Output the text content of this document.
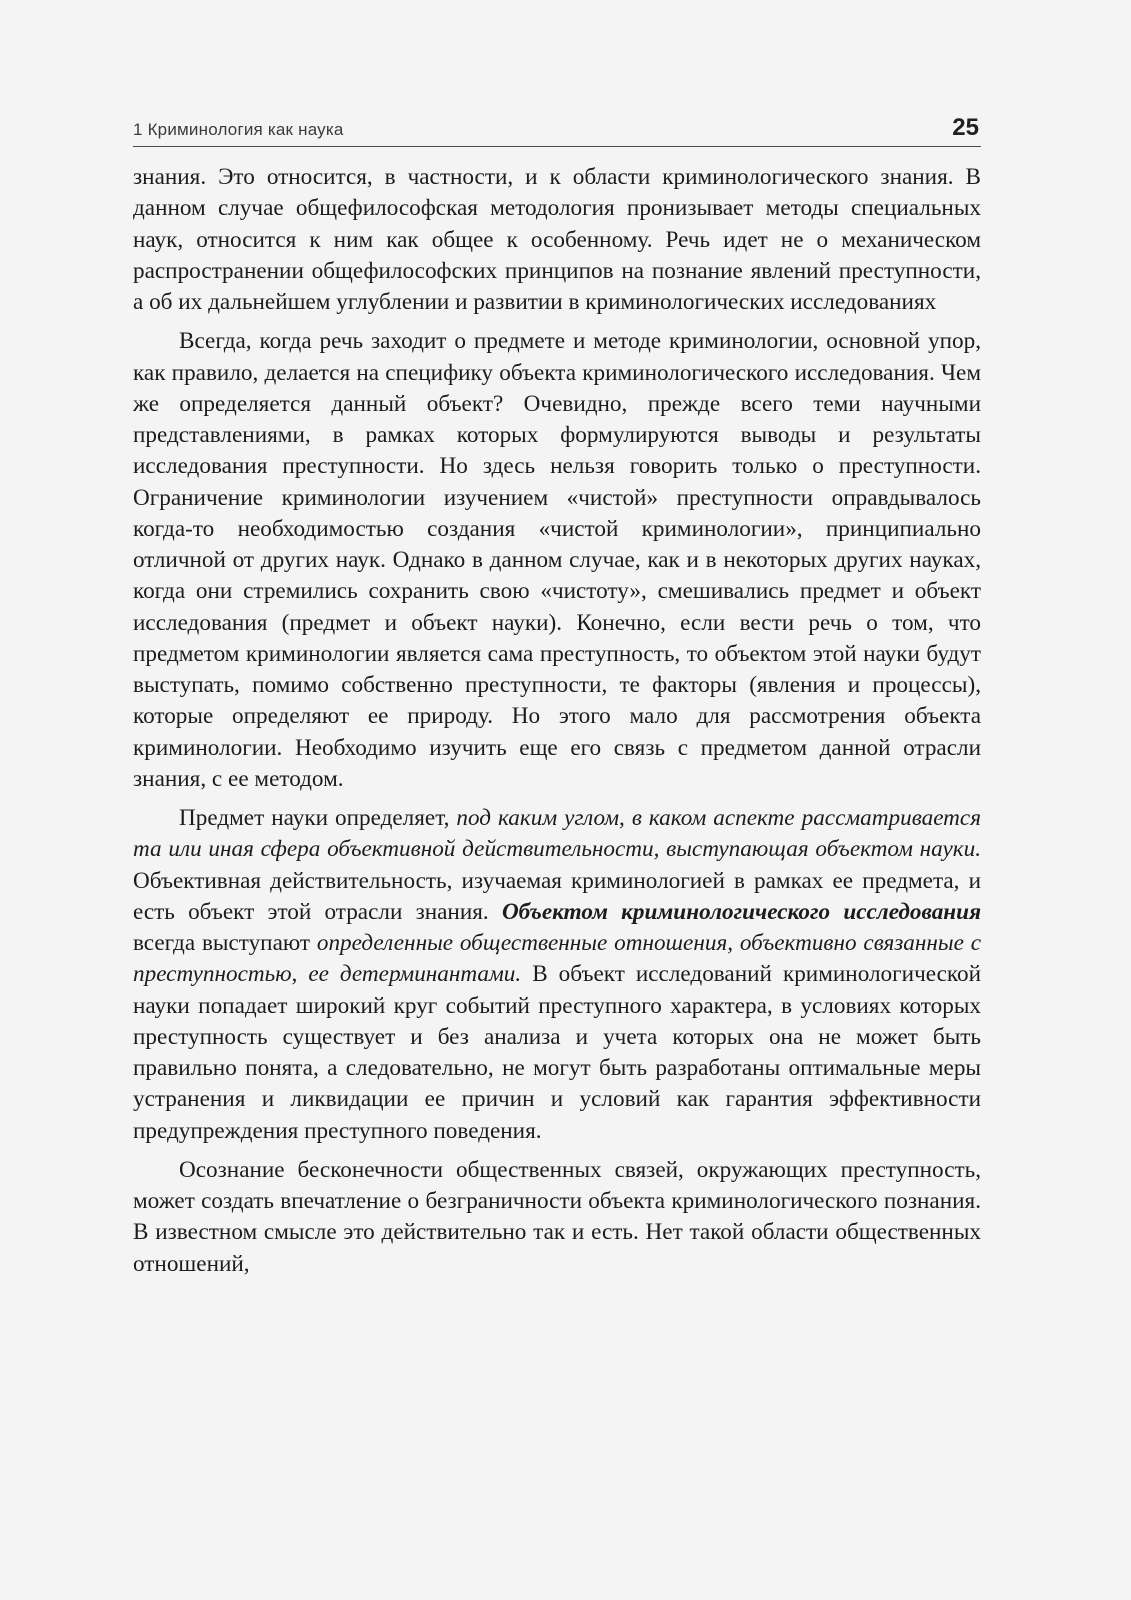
1 Криминология как наука	25

знания. Это относится, в частности, и к области криминологического знания. В данном случае общефилософская методология пронизывает методы специальных наук, относится к ним как общее к особенному. Речь идет не о механическом распространении общефилософских принципов на познание явлений преступности, а об их дальнейшем углублении и развитии в криминологических исследованиях

Всегда, когда речь заходит о предмете и методе криминологии, основной упор, как правило, делается на специфику объекта криминологического исследования. Чем же определяется данный объект? Очевидно, прежде всего теми научными представлениями, в рамках которых формулируются выводы и результаты исследования преступности. Но здесь нельзя говорить только о преступности. Ограничение криминологии изучением «чистой» преступности оправдывалось когда-то необходимостью создания «чистой криминологии», принципиально отличной от других наук. Однако в данном случае, как и в некоторых других науках, когда они стремились сохранить свою «чистоту», смешивались предмет и объект исследования (предмет и объект науки). Конечно, если вести речь о том, что предметом криминологии является сама преступность, то объектом этой науки будут выступать, помимо собственно преступности, те факторы (явления и процессы), которые определяют ее природу. Но этого мало для рассмотрения объекта криминологии. Необходимо изучить еще его связь с предметом данной отрасли знания, с ее методом.

Предмет науки определяет, под каким углом, в каком аспекте рассматривается та или иная сфера объективной действительности, выступающая объектом науки. Объективная действительность, изучаемая криминологией в рамках ее предмета, и есть объект этой отрасли знания. Объектом криминологического исследования всегда выступают определенные общественные отношения, объективно связанные с преступностью, ее детерминантами. В объект исследований криминологической науки попадает широкий круг событий преступного характера, в условиях которых преступность существует и без анализа и учета которых она не может быть правильно понята, а следовательно, не могут быть разработаны оптимальные меры устранения и ликвидации ее причин и условий как гарантия эффективности предупреждения преступного поведения.

Осознание бесконечности общественных связей, окружающих преступность, может создать впечатление о безграничности объекта криминологического познания. В известном смысле это действительно так и есть. Нет такой области общественных отношений,
